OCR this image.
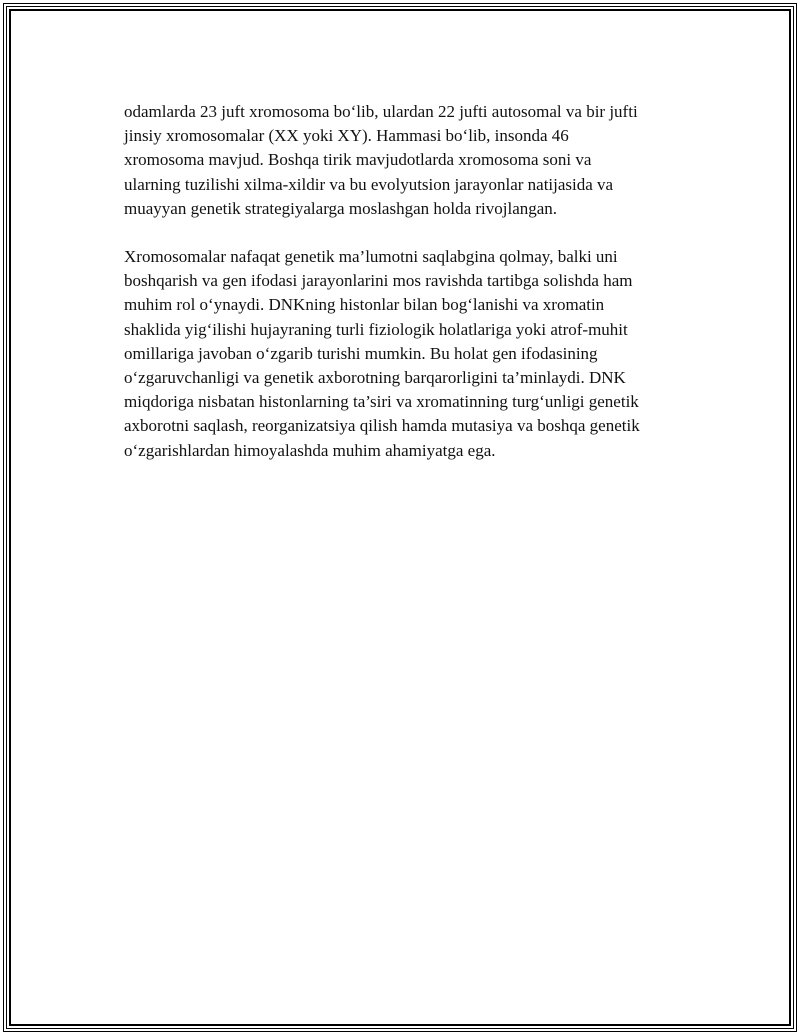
odamlarda 23 juft xromosoma bo‘lib, ulardan 22 jufti autosomal va bir jufti
jinsiy xromosomalar (XX yoki XY). Hammasi bo‘lib, insonda 46
xromosoma mavjud. Boshqa tirik mavjudotlarda xromosoma soni va
ularning tuzilishi xilma-xildir va bu evolyutsion jarayonlar natijasida va
muayyan genetik strategiyalarga moslashgan holda rivojlangan.

Xromosomalar nafaqat genetik ma’lumotni saqlabgina qolmay, balki uni
boshqarish va gen ifodasi jarayonlarini mos ravishda tartibga solishda ham
muhim rol o‘ynaydi. DNKning histonlar bilan bog‘lanishi va xromatin
shaklida yig‘ilishi hujayraning turli fiziologik holatlariga yoki atrof-muhit
omillariga javoban o‘zgarib turishi mumkin. Bu holat gen ifodasining
o‘zgaruvchanligi va genetik axborotning barqarorligini ta’minlaydi. DNK
miqdoriga nisbatan histonlarning ta’siri va xromatinning turg‘unligi genetik
axborotni saqlash, reorganizatsiya qilish hamda mutasiya va boshqa genetik
o‘zgarishlardan himoyalashda muhim ahamiyatga ega.
